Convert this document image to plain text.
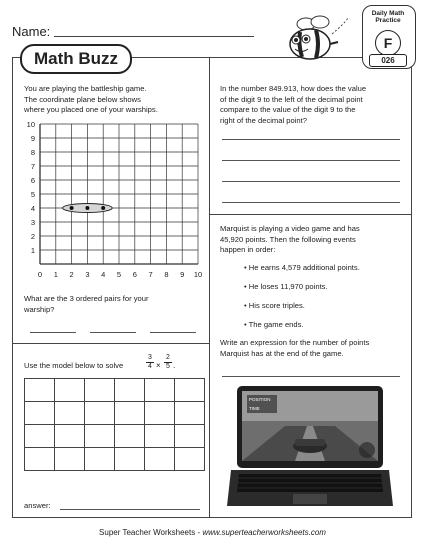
Name:
Math Buzz
Daily Math
Practice
F
026
You are playing the battleship game.
The coordinate plane below shows
where you placed one of your warships.
0 1 2 3 4 5 6 7 8 9 10
1
2
3
4
5
6
7
8
9
10
What are the 3 ordered pairs for your
warship?
In the number 849.913, how does the value
of the digit 9 to the left of the decimal point
compare to the value of the digit 9 to the
right of the decimal point?
Marquist is playing a video game and has
45,920 points. Then the following events
happen in order:
• He earns 4,579 additional points.
• He loses 11,970 points.
• His score triples.
• The game ends.
Write an expression for the number of points
Marquist has at the end of the game.
POSITION
TIME
Use the model below to solve
3
4 ×
2
5 .

answer:
Super Teacher Worksheets - www.superteacherworksheets.com
